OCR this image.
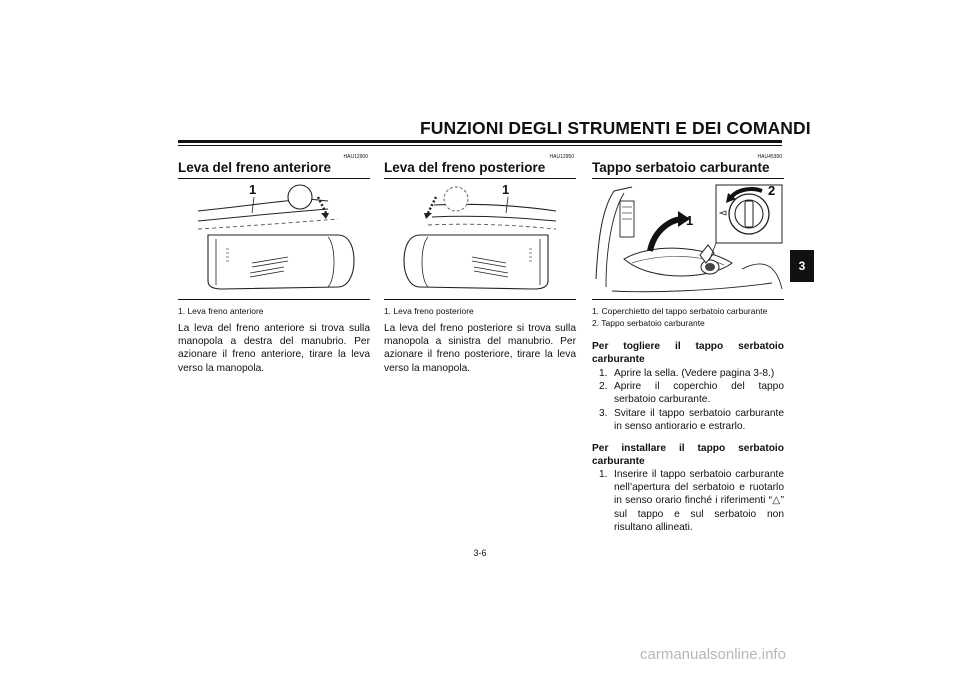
FUNZIONI DEGLI STRUMENTI E DEI COMANDI
3
HAU12900
Leva del freno anteriore
1
1. Leva freno anteriore
La leva del freno anteriore si trova sulla manopola a destra del manubrio. Per azionare il freno anteriore, tirare la leva verso la manopola.
HAU12950
Leva del freno posteriore
1
1. Leva freno posteriore
La leva del freno posteriore si trova sulla manopola a sinistra del manubrio. Per azionare il freno posteriore, tirare la leva verso la manopola.
HAU45390
Tappo serbatoio carburante
2
1
1. Coperchietto del tappo serbatoio carburante
2. Tappo serbatoio carburante
Per togliere il tappo serbatoio carburante
1. Aprire la sella. (Vedere pagina 3-8.)
2. Aprire il coperchio del tappo serbatoio carburante.
3. Svitare il tappo serbatoio carburante in senso antiorario e estrarlo.
Per installare il tappo serbatoio carburante
1. Inserire il tappo serbatoio carburante nell’apertura del serbatoio e ruotarlo in senso orario finché i riferimenti “△” sul tappo e sul serbatoio non risultano allineati.
3-6
carmanualsonline.info
